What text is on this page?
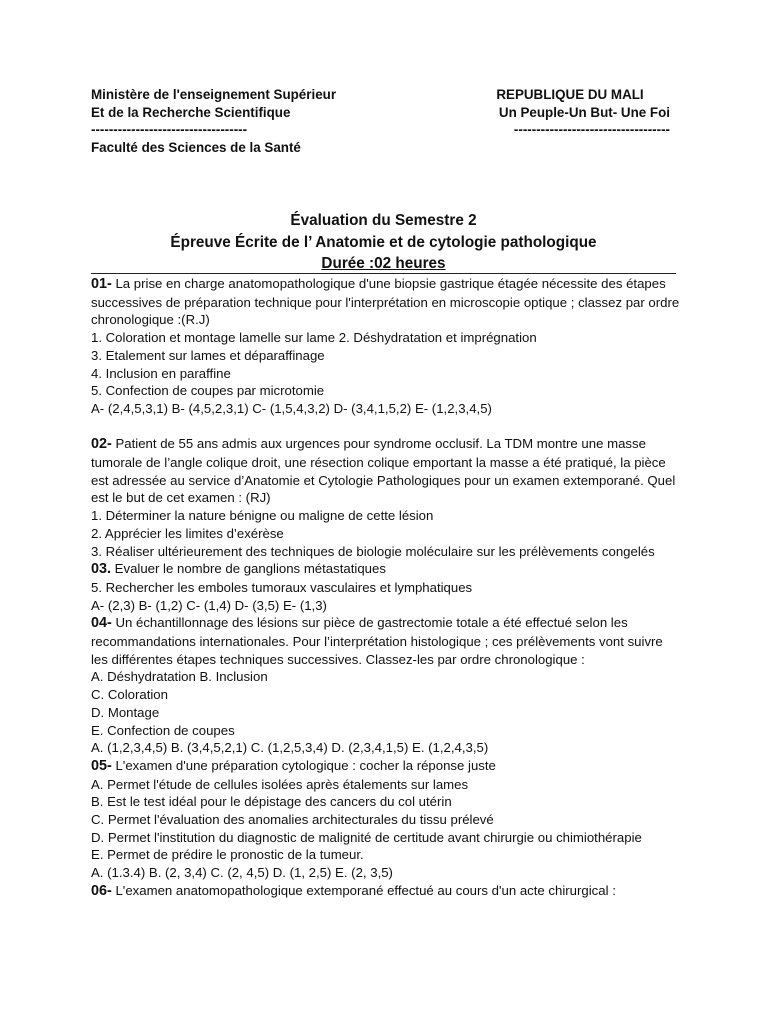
Ministère de l'enseignement Supérieur
Et de la Recherche Scientifique
-----------------------------------
Faculté des Sciences de la Santé
REPUBLIQUE DU MALI
Un Peuple-Un But- Une Foi
-----------------------------------
Évaluation du Semestre 2
Épreuve Écrite de l’ Anatomie et de cytologie pathologique
Durée :02 heures
01- La prise en charge anatomopathologique d'une biopsie gastrique étagée nécessite des étapes successives de préparation technique pour l'interprétation en microscopie optique ; classez par ordre chronologique :(R.J)
1. Coloration et montage lamelle sur lame 2. Déshydratation et imprégnation
3. Etalement sur lames et déparaffinage
4. Inclusion en paraffine
5. Confection de coupes par microtomie
A- (2,4,5,3,1) B- (4,5,2,3,1) C- (1,5,4,3,2) D- (3,4,1,5,2) E- (1,2,3,4,5)
02- Patient de 55 ans admis aux urgences pour syndrome occlusif. La TDM montre une masse tumorale de l’angle colique droit, une résection colique emportant la masse a été pratiqué, la pièce est adressée au service d’Anatomie et Cytologie Pathologiques pour un examen extemporané. Quel est le but de cet examen : (RJ)
1. Déterminer la nature bénigne ou maligne de cette lésion
2. Apprécier les limites d’exérèse
3. Réaliser ultérieurement des techniques de biologie moléculaire sur les prélèvements congelés
03. Evaluer le nombre de ganglions métastatiques
5. Rechercher les emboles tumoraux vasculaires et lymphatiques
A- (2,3) B- (1,2) C- (1,4) D- (3,5) E- (1,3)
04- Un échantillonnage des lésions sur pièce de gastrectomie totale a été effectué selon les recommandations internationales. Pour l’interprétation histologique ; ces prélèvements vont suivre les différentes étapes techniques successives. Classez-les par ordre chronologique :
A. Déshydratation B. Inclusion
C. Coloration
D. Montage
E. Confection de coupes
A. (1,2,3,4,5) B. (3,4,5,2,1) C. (1,2,5,3,4) D. (2,3,4,1,5) E. (1,2,4,3,5)
05- L'examen d'une préparation cytologique : cocher la réponse juste
A. Permet l'étude de cellules isolées après étalements sur lames
B. Est le test idéal pour le dépistage des cancers du col utérin
C. Permet l'évaluation des anomalies architecturales du tissu prélevé
D. Permet l'institution du diagnostic de malignité de certitude avant chirurgie ou chimiothérapie
E. Permet de prédire le pronostic de la tumeur.
A. (1.3.4) B. (2, 3,4) C. (2, 4,5) D. (1, 2,5) E. (2, 3,5)
06- L'examen anatomopathologique extemporané effectué au cours d'un acte chirurgical :
